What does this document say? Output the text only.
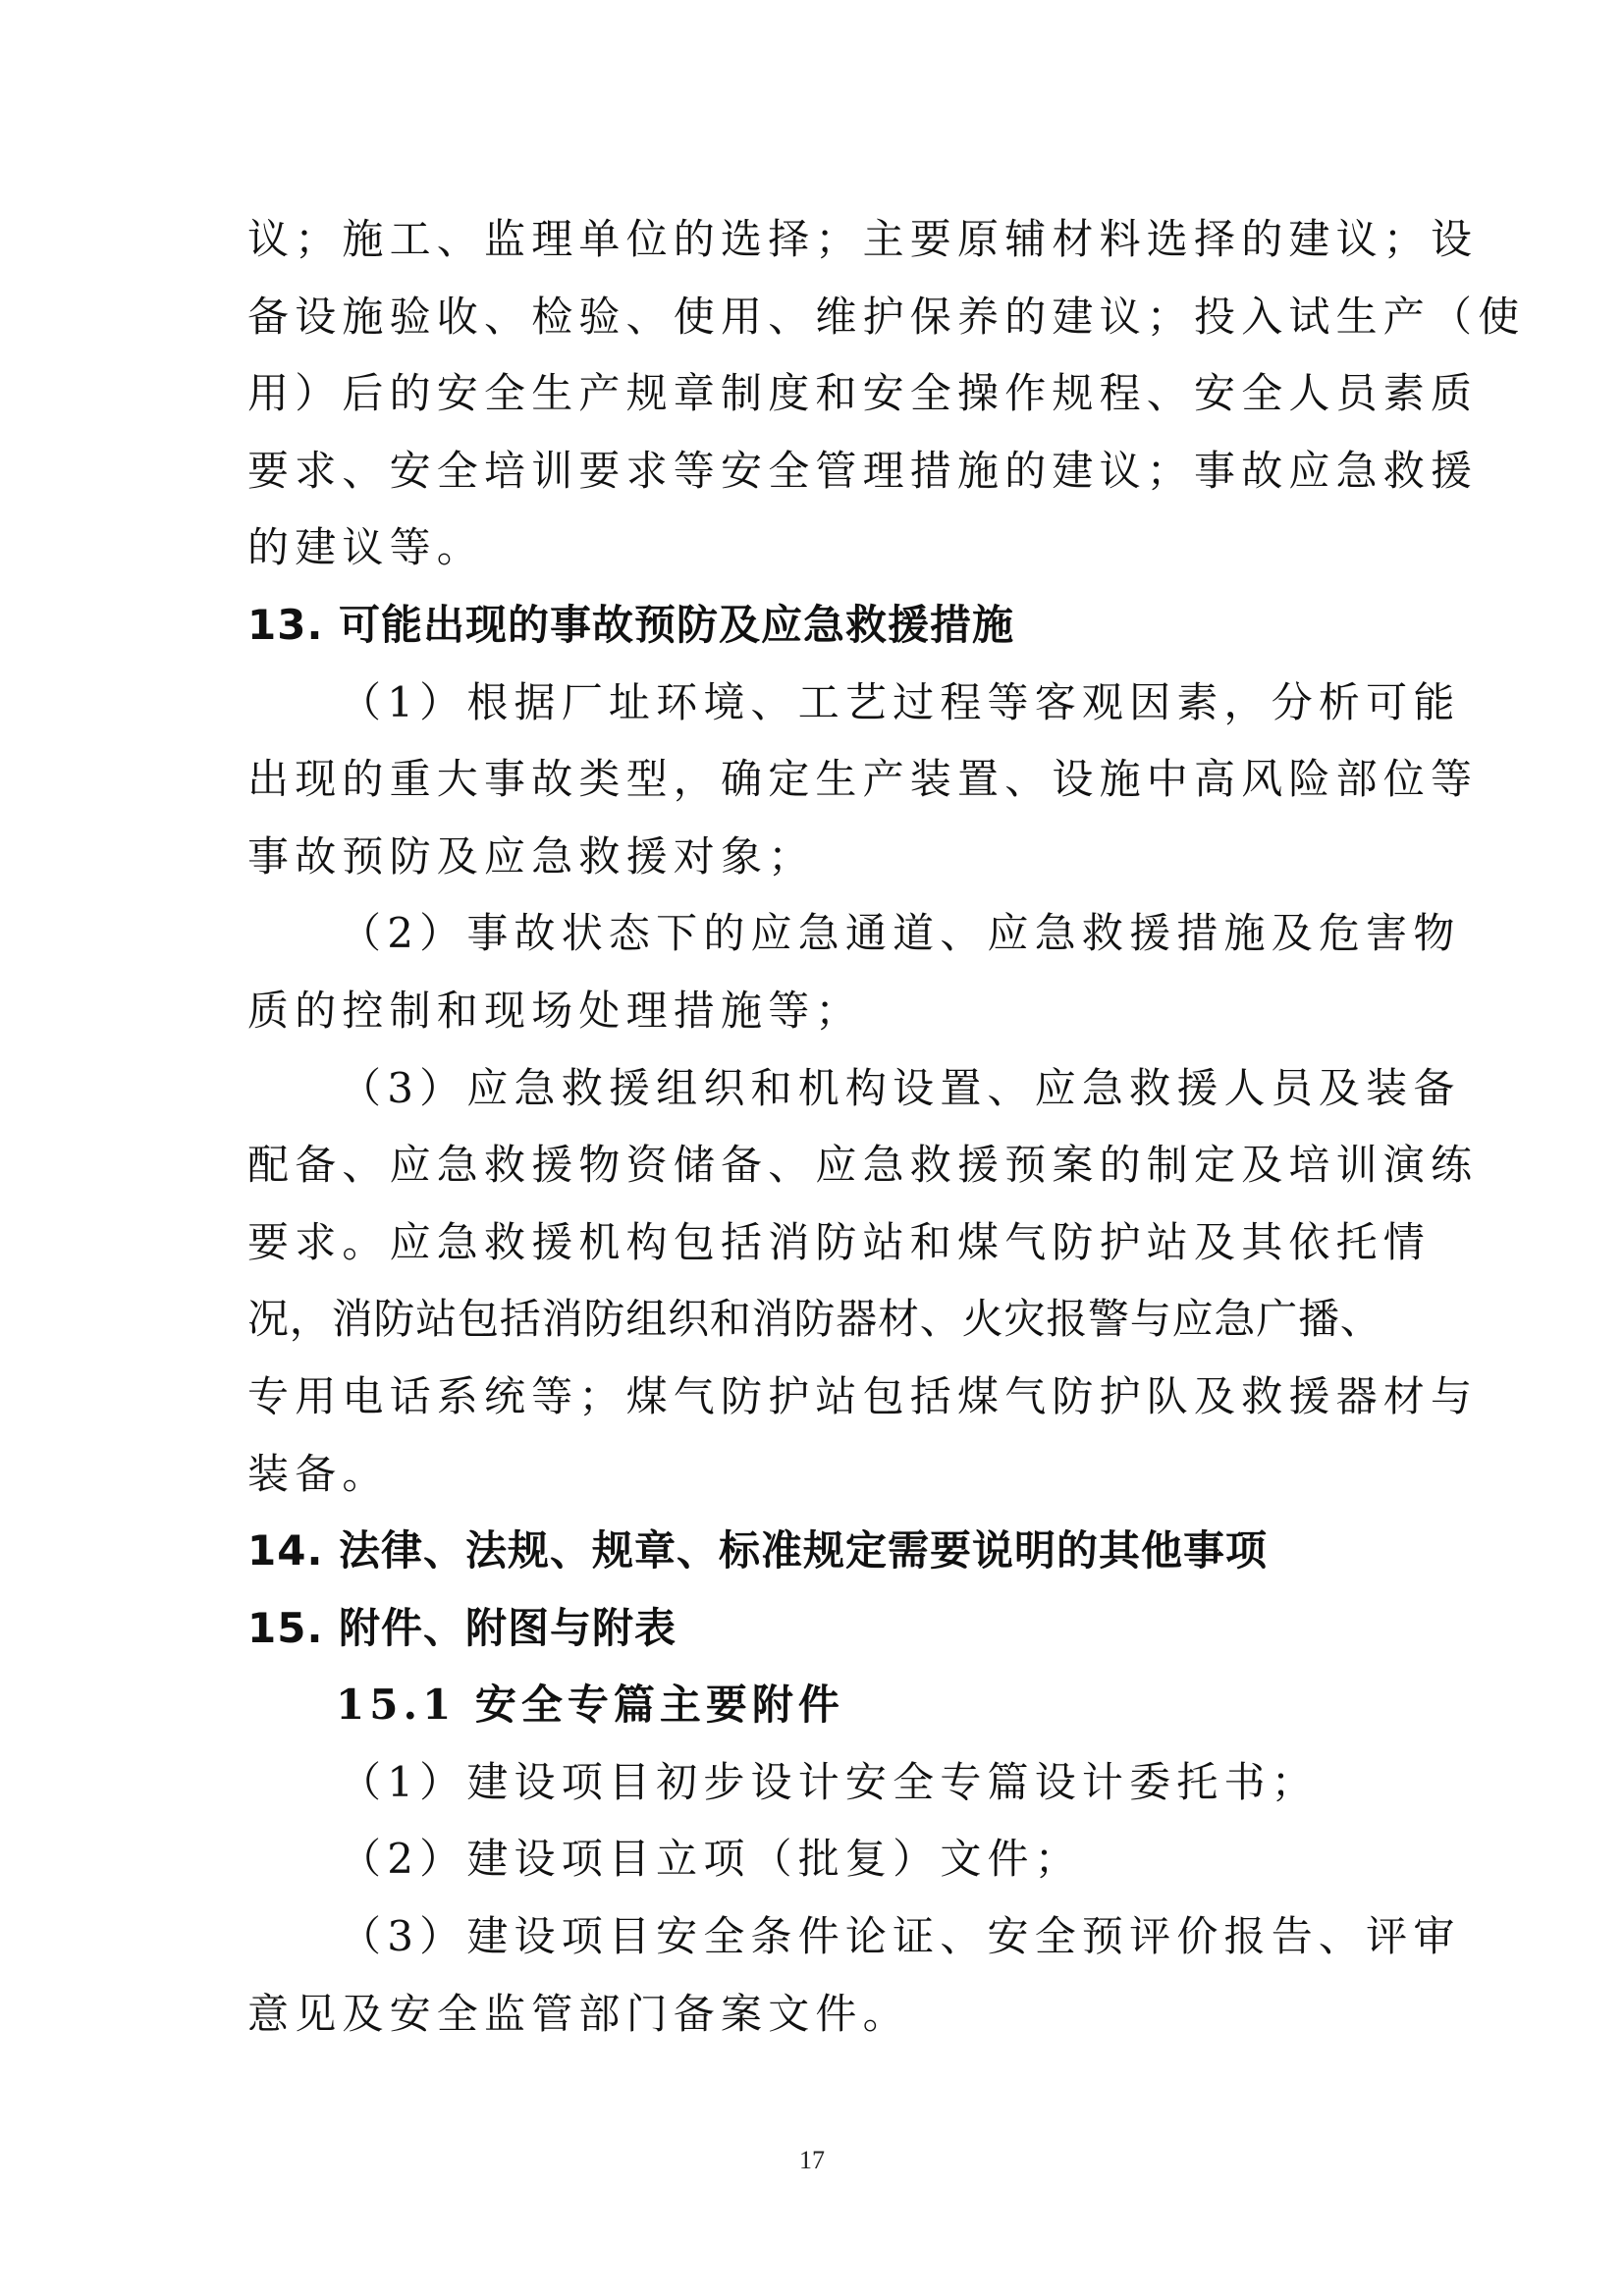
议；施工、监理单位的选择；主要原辅材料选择的建议；设

备设施验收、检验、使用、维护保养的建议；投入试生产（使

用）后的安全生产规章制度和安全操作规程、安全人员素质

要求、安全培训要求等安全管理措施的建议；事故应急救援

的建议等。

13. 可能出现的事故预防及应急救援措施

（1）根据厂址环境、工艺过程等客观因素，分析可能

出现的重大事故类型，确定生产装置、设施中高风险部位等

事故预防及应急救援对象；

（2）事故状态下的应急通道、应急救援措施及危害物

质的控制和现场处理措施等；

（3）应急救援组织和机构设置、应急救援人员及装备

配备、应急救援物资储备、应急救援预案的制定及培训演练

要求。应急救援机构包括消防站和煤气防护站及其依托情

况，消防站包括消防组织和消防器材、火灾报警与应急广播、

专用电话系统等；煤气防护站包括煤气防护队及救援器材与

装备。

14. 法律、法规、规章、标准规定需要说明的其他事项

15. 附件、附图与附表

15.1 安全专篇主要附件

（1）建设项目初步设计安全专篇设计委托书；

（2）建设项目立项（批复）文件；

（3）建设项目安全条件论证、安全预评价报告、评审

意见及安全监管部门备案文件。

17
